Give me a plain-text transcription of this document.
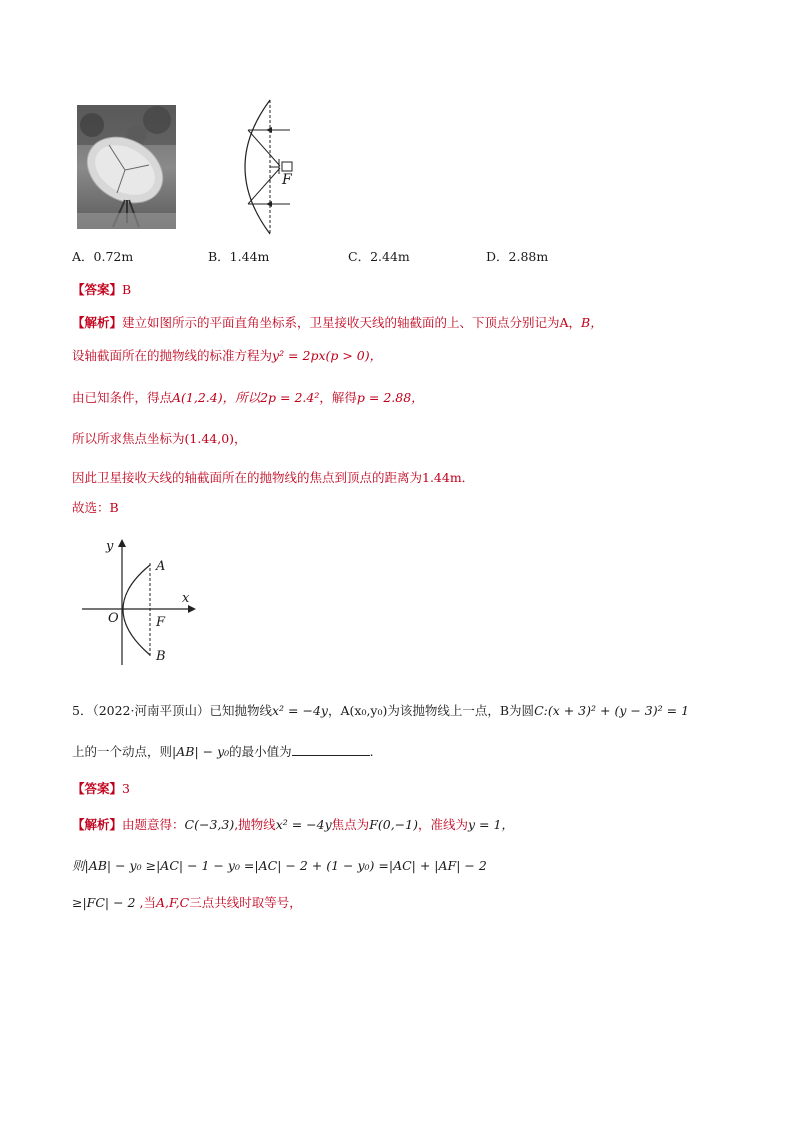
F
A．0.72m	B．1.44m	C．2.44m	D．2.88m
【答案】B
【解析】建立如图所示的平面直角坐标系，卫星接收天线的轴截面的上、下顶点分别记为A，B，
设轴截面所在的抛物线的标准方程为y² = 2px(p > 0)，
由已知条件，得点A(1,2.4)，所以2p = 2.4²，解得p = 2.88，
所以所求焦点坐标为(1.44,0)，
因此卫星接收天线的轴截面所在的抛物线的焦点到顶点的距离为1.44m．
故选：B
y
x
A
O	F
B
5．（2022·河南平顶山）已知抛物线x² = −4y，A(x₀,y₀)为该抛物线上一点，B为圆C:(x + 3)² + (y − 3)² = 1
上的一个动点，则|AB| − y₀的最小值为	.
【答案】3
【解析】由题意得：C(−3,3),抛物线x² = −4y焦点为F(0,−1)，准线为y = 1，
则|AB| − y₀ ≥|AC| − 1 − y₀ =|AC| − 2 + (1 − y₀) =|AC| + |AF| − 2
≥|FC| − 2 ,当A,F,C三点共线时取等号，
